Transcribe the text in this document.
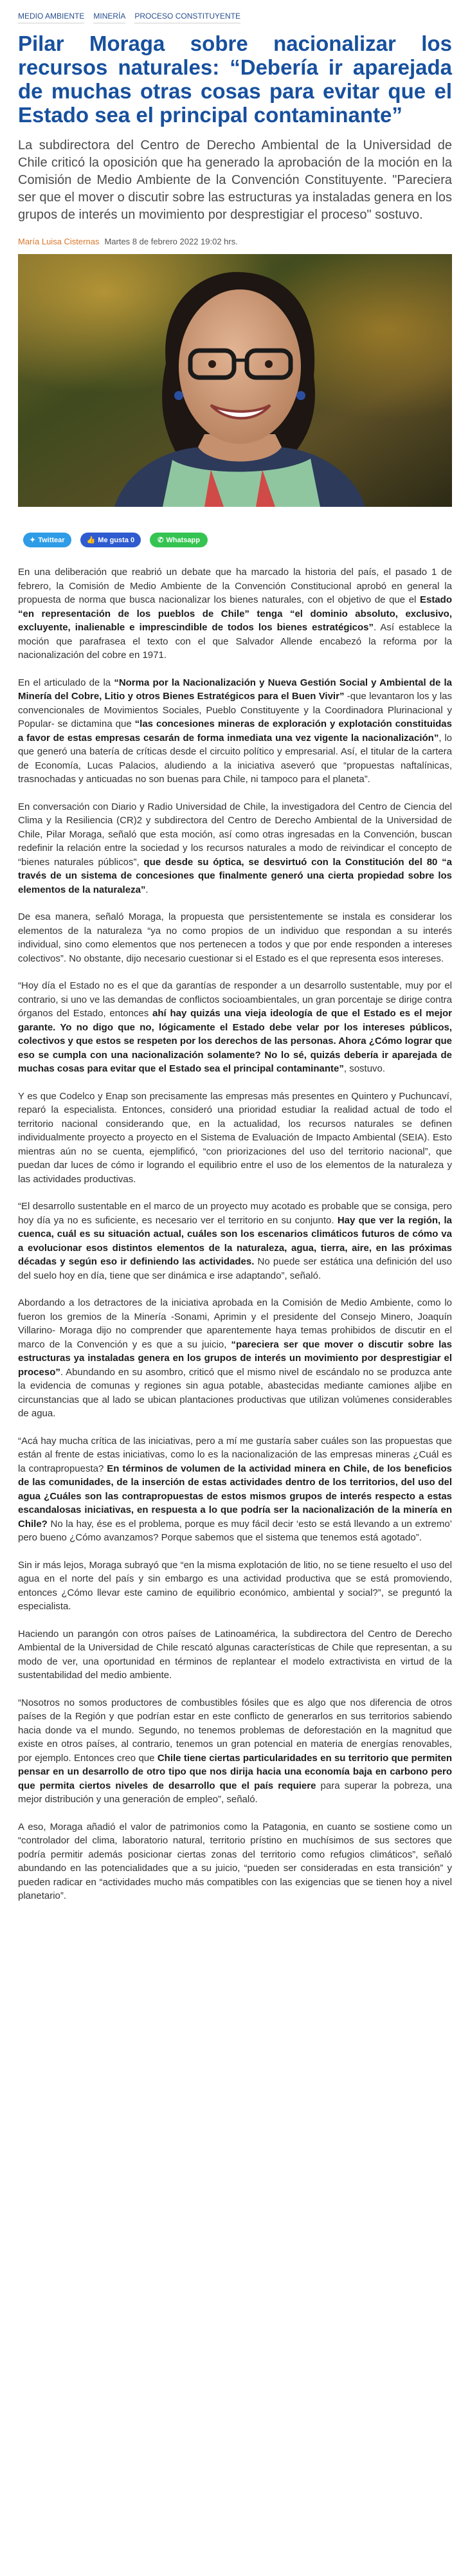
MEDIO AMBIENTE MINERÍA PROCESO CONSTITUYENTE
Pilar Moraga sobre nacionalizar los recursos naturales: “Debería ir aparejada de muchas otras cosas para evitar que el Estado sea el principal contaminante”

La subdirectora del Centro de Derecho Ambiental de la Universidad de Chile criticó la oposición que ha generado la aprobación de la moción en la Comisión de Medio Ambiente de la Convención Constituyente. "Pareciera ser que el mover o discutir sobre las estructuras ya instaladas genera en los grupos de interés un movimiento por desprestigiar el proceso" sostuvo.

María Luisa Cisternas Martes 8 de febrero 2022 19:02 hrs.
✦ Twittear	👍 Me gusta 0	✆ Whatsapp

En una deliberación que reabrió un debate que ha marcado la historia del país, el pasado 1 de febrero, la Comisión de Medio Ambiente de la Convención Constitucional aprobó en general la propuesta de norma que busca nacionalizar los bienes naturales, con el objetivo de que el Estado “en representación de los pueblos de Chile” tenga “el dominio absoluto, exclusivo, excluyente, inalienable e imprescindible de todos los bienes estratégicos”. Así establece la moción que parafrasea el texto con el que Salvador Allende encabezó la reforma por la nacionalización del cobre en 1971.

En el articulado de la “Norma por la Nacionalización y Nueva Gestión Social y Ambiental de la Minería del Cobre, Litio y otros Bienes Estratégicos para el Buen Vivir” -que levantaron los y las convencionales de Movimientos Sociales, Pueblo Constituyente y la Coordinadora Plurinacional y Popular- se dictamina que “las concesiones mineras de exploración y explotación constituidas a favor de estas empresas cesarán de forma inmediata una vez vigente la nacionalización”, lo que generó una batería de críticas desde el circuito político y empresarial. Así, el titular de la cartera de Economía, Lucas Palacios, aludiendo a la iniciativa aseveró que “propuestas naftalínicas, trasnochadas y anticuadas no son buenas para Chile, ni tampoco para el planeta”.

En conversación con Diario y Radio Universidad de Chile, la investigadora del Centro de Ciencia del Clima y la Resiliencia (CR)2 y subdirectora del Centro de Derecho Ambiental de la Universidad de Chile, Pilar Moraga, señaló que esta moción, así como otras ingresadas en la Convención, buscan redefinir la relación entre la sociedad y los recursos naturales a modo de reivindicar el concepto de “bienes naturales públicos”, que desde su óptica, se desvirtuó con la Constitución del 80 “a través de un sistema de concesiones que finalmente generó una cierta propiedad sobre los elementos de la naturaleza”.

De esa manera, señaló Moraga, la propuesta que persistentemente se instala es considerar los elementos de la naturaleza “ya no como propios de un individuo que respondan a su interés individual, sino como elementos que nos pertenecen a todos y que por ende responden a intereses colectivos”. No obstante, dijo necesario cuestionar si el Estado es el que representa esos intereses.

“Hoy día el Estado no es el que da garantías de responder a un desarrollo sustentable, muy por el contrario, si uno ve las demandas de conflictos socioambientales, un gran porcentaje se dirige contra órganos del Estado, entonces ahí hay quizás una vieja ideología de que el Estado es el mejor garante. Yo no digo que no, lógicamente el Estado debe velar por los intereses públicos, colectivos y que estos se respeten por los derechos de las personas. Ahora ¿Cómo lograr que eso se cumpla con una nacionalización solamente? No lo sé, quizás debería ir aparejada de muchas cosas para evitar que el Estado sea el principal contaminante”, sostuvo.

Y es que Codelco y Enap son precisamente las empresas más presentes en Quintero y Puchuncaví, reparó la especialista. Entonces, consideró una prioridad estudiar la realidad actual de todo el territorio nacional considerando que, en la actualidad, los recursos naturales se definen individualmente proyecto a proyecto en el Sistema de Evaluación de Impacto Ambiental (SEIA). Esto mientras aún no se cuenta, ejemplificó, “con priorizaciones del uso del territorio nacional”, que puedan dar luces de cómo ir logrando el equilibrio entre el uso de los elementos de la naturaleza y las actividades productivas.

“El desarrollo sustentable en el marco de un proyecto muy acotado es probable que se consiga, pero hoy día ya no es suficiente, es necesario ver el territorio en su conjunto. Hay que ver la región, la cuenca, cuál es su situación actual, cuáles son los escenarios climáticos futuros de cómo va a evolucionar esos distintos elementos de la naturaleza, agua, tierra, aire, en las próximas décadas y según eso ir definiendo las actividades. No puede ser estática una definición del uso del suelo hoy en día, tiene que ser dinámica e irse adaptando”, señaló.

Abordando a los detractores de la iniciativa aprobada en la Comisión de Medio Ambiente, como lo fueron los gremios de la Minería -Sonami, Aprimin y el presidente del Consejo Minero, Joaquín Villarino- Moraga dijo no comprender que aparentemente haya temas prohibidos de discutir en el marco de la Convención y es que a su juicio, “pareciera ser que mover o discutir sobre las estructuras ya instaladas genera en los grupos de interés un movimiento por desprestigiar el proceso”. Abundando en su asombro, criticó que el mismo nivel de escándalo no se produzca ante la evidencia de comunas y regiones sin agua potable, abastecidas mediante camiones aljibe en circunstancias que al lado se ubican plantaciones productivas que utilizan volúmenes considerables de agua.

“Acá hay mucha crítica de las iniciativas, pero a mí me gustaría saber cuáles son las propuestas que están al frente de estas iniciativas, como lo es la nacionalización de las empresas mineras ¿Cuál es la contrapropuesta? En términos de volumen de la actividad minera en Chile, de los beneficios de las comunidades, de la inserción de estas actividades dentro de los territorios, del uso del agua ¿Cuáles son las contrapropuestas de estos mismos grupos de interés respecto a estas escandalosas iniciativas, en respuesta a lo que podría ser la nacionalización de la minería en Chile? No la hay, ése es el problema, porque es muy fácil decir ‘esto se está llevando a un extremo’ pero bueno ¿Cómo avanzamos? Porque sabemos que el sistema que tenemos está agotado”.

Sin ir más lejos, Moraga subrayó que “en la misma explotación de litio, no se tiene resuelto el uso del agua en el norte del país y sin embargo es una actividad productiva que se está promoviendo, entonces ¿Cómo llevar este camino de equilibrio económico, ambiental y social?”, se preguntó la especialista.

Haciendo un parangón con otros países de Latinoamérica, la subdirectora del Centro de Derecho Ambiental de la Universidad de Chile rescató algunas características de Chile que representan, a su modo de ver, una oportunidad en términos de replantear el modelo extractivista en virtud de la sustentabilidad del medio ambiente.

“Nosotros no somos productores de combustibles fósiles que es algo que nos diferencia de otros países de la Región y que podrían estar en este conflicto de generarlos en sus territorios sabiendo hacia donde va el mundo. Segundo, no tenemos problemas de deforestación en la magnitud que existe en otros países, al contrario, tenemos un gran potencial en materia de energías renovables, por ejemplo. Entonces creo que Chile tiene ciertas particularidades en su territorio que permiten pensar en un desarrollo de otro tipo que nos dirija hacia una economía baja en carbono pero que permita ciertos niveles de desarrollo que el país requiere para superar la pobreza, una mejor distribución y una generación de empleo”, señaló.

A eso, Moraga añadió el valor de patrimonios como la Patagonia, en cuanto se sostiene como un “controlador del clima, laboratorio natural, territorio prístino en muchísimos de sus sectores que podría permitir además posicionar ciertas zonas del territorio como refugios climáticos”, señaló abundando en las potencialidades que a su juicio, “pueden ser consideradas en esta transición” y pueden radicar en “actividades mucho más compatibles con las exigencias que se tienen hoy a nivel planetario”.
